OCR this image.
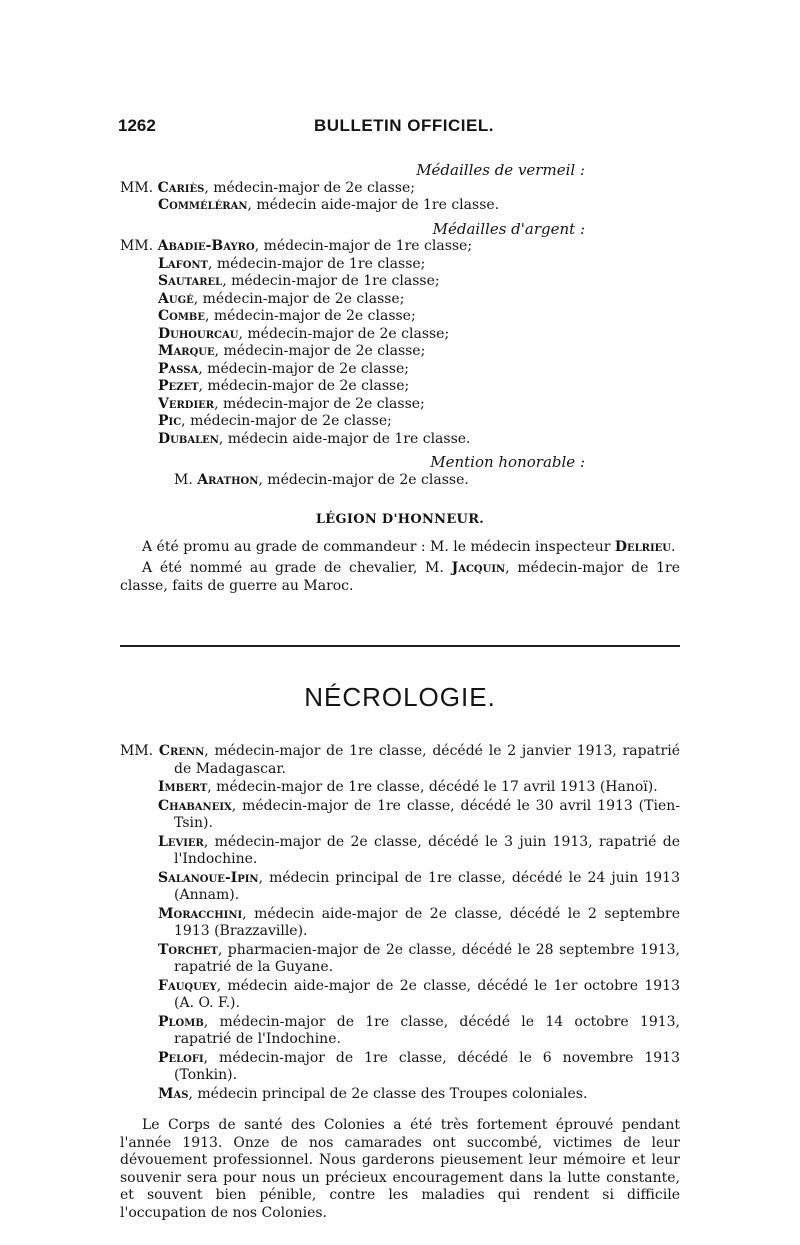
1262	BULLETIN OFFICIEL.

Médailles de vermeil :

MM. Cariès, médecin-major de 2e classe;
Comméléran, médecin aide-major de 1re classe.

Médailles d'argent :

MM. Abadie-Bayro, médecin-major de 1re classe;
Lafont, médecin-major de 1re classe;
Sautarel, médecin-major de 1re classe;
Augé, médecin-major de 2e classe;
Combe, médecin-major de 2e classe;
Duhourcau, médecin-major de 2e classe;
Marque, médecin-major de 2e classe;
Passa, médecin-major de 2e classe;
Pezet, médecin-major de 2e classe;
Verdier, médecin-major de 2e classe;
Pic, médecin-major de 2e classe;
Dubalen, médecin aide-major de 1re classe.

Mention honorable :

M. Arathon, médecin-major de 2e classe.
LÉGION D'HONNEUR.

A été promu au grade de commandeur : M. le médecin inspecteur Delrieu.

A été nommé au grade de chevalier, M. Jacquin, médecin-major de 1re classe, faits de guerre au Maroc.

NÉCROLOGIE.
MM. Crenn, médecin-major de 1re classe, décédé le 2 janvier 1913, rapatrié de Madagascar.
Imbert, médecin-major de 1re classe, décédé le 17 avril 1913 (Hanoï).
Chabaneix, médecin-major de 1re classe, décédé le 30 avril 1913 (Tien-Tsin).
Levier, médecin-major de 2e classe, décédé le 3 juin 1913, rapatrié de l'Indochine.
Salanoue-Ipin, médecin principal de 1re classe, décédé le 24 juin 1913 (Annam).
Moracchini, médecin aide-major de 2e classe, décédé le 2 septembre 1913 (Brazzaville).
Torchet, pharmacien-major de 2e classe, décédé le 28 septembre 1913, rapatrié de la Guyane.
Fauquey, médecin aide-major de 2e classe, décédé le 1er octobre 1913 (A. O. F.).
Plomb, médecin-major de 1re classe, décédé le 14 octobre 1913, rapatrié de l'Indochine.
Pelofi, médecin-major de 1re classe, décédé le 6 novembre 1913 (Tonkin).
Mas, médecin principal de 2e classe des Troupes coloniales.

Le Corps de santé des Colonies a été très fortement éprouvé pendant l'année 1913. Onze de nos camarades ont succombé, victimes de leur dévouement professionnel. Nous garderons pieusement leur mémoire et leur souvenir sera pour nous un précieux encouragement dans la lutte constante, et souvent bien pénible, contre les maladies qui rendent si difficile l'occupation de nos Colonies.
